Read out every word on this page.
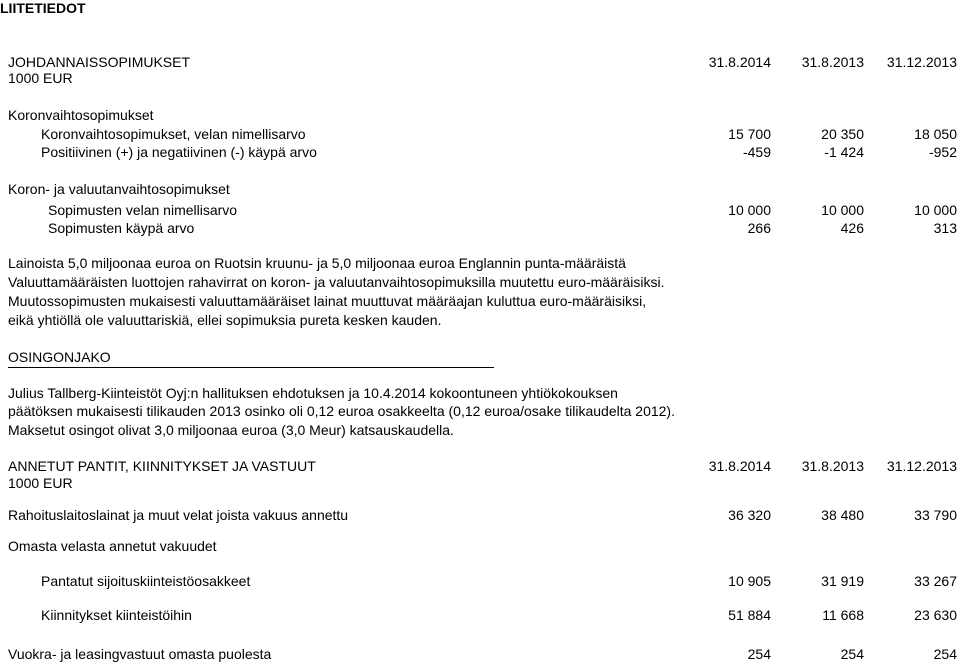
LIITETIEDOT
JOHDANNAISSOPIMUKSET	31.8.2014 31.8.2013 31.12.2013
1000 EUR
Koronvaihtosopimukset
Koronvaihtosopimukset, velan nimellisarvo	15 700	20 350	18 050
Positiivinen (+) ja negatiivinen (-) käypä arvo	-459	-1 424	-952
Koron- ja valuutanvaihtosopimukset
Sopimusten velan nimellisarvo	10 000	10 000	10 000
Sopimusten käypä arvo	266	426	313
Lainoista 5,0 miljoonaa euroa on Ruotsin kruunu- ja 5,0 miljoonaa euroa Englannin punta-määräistä
Valuuttamääräisten luottojen rahavirrat on koron- ja valuutanvaihtosopimuksilla muutettu euro-määräisiksi.
Muutossopimusten mukaisesti valuuttamääräiset lainat muuttuvat määräajan kuluttua euro-määräisiksi,
eikä yhtiöllä ole valuuttariskiä, ellei sopimuksia pureta kesken kauden.
OSINGONJAKO
Julius Tallberg-Kiinteistöt Oyj:n hallituksen ehdotuksen ja 10.4.2014 kokoontuneen yhtiökokouksen
päätöksen mukaisesti tilikauden 2013 osinko oli 0,12 euroa osakkeelta (0,12 euroa/osake tilikaudelta 2012).
Maksetut osingot olivat 3,0 miljoonaa euroa (3,0 Meur) katsauskaudella.
ANNETUT PANTIT, KIINNITYKSET JA VASTUUT	31.8.2014 31.8.2013 31.12.2013
1000 EUR
Rahoituslaitoslainat ja muut velat joista vakuus annettu	36 320	38 480	33 790
Omasta velasta annetut vakuudet
Pantatut sijoituskiinteistöosakkeet	10 905	31 919	33 267
Kiinnitykset kiinteistöihin	51 884	11 668	23 630
Vuokra- ja leasingvastuut omasta puolesta	254	254	254
